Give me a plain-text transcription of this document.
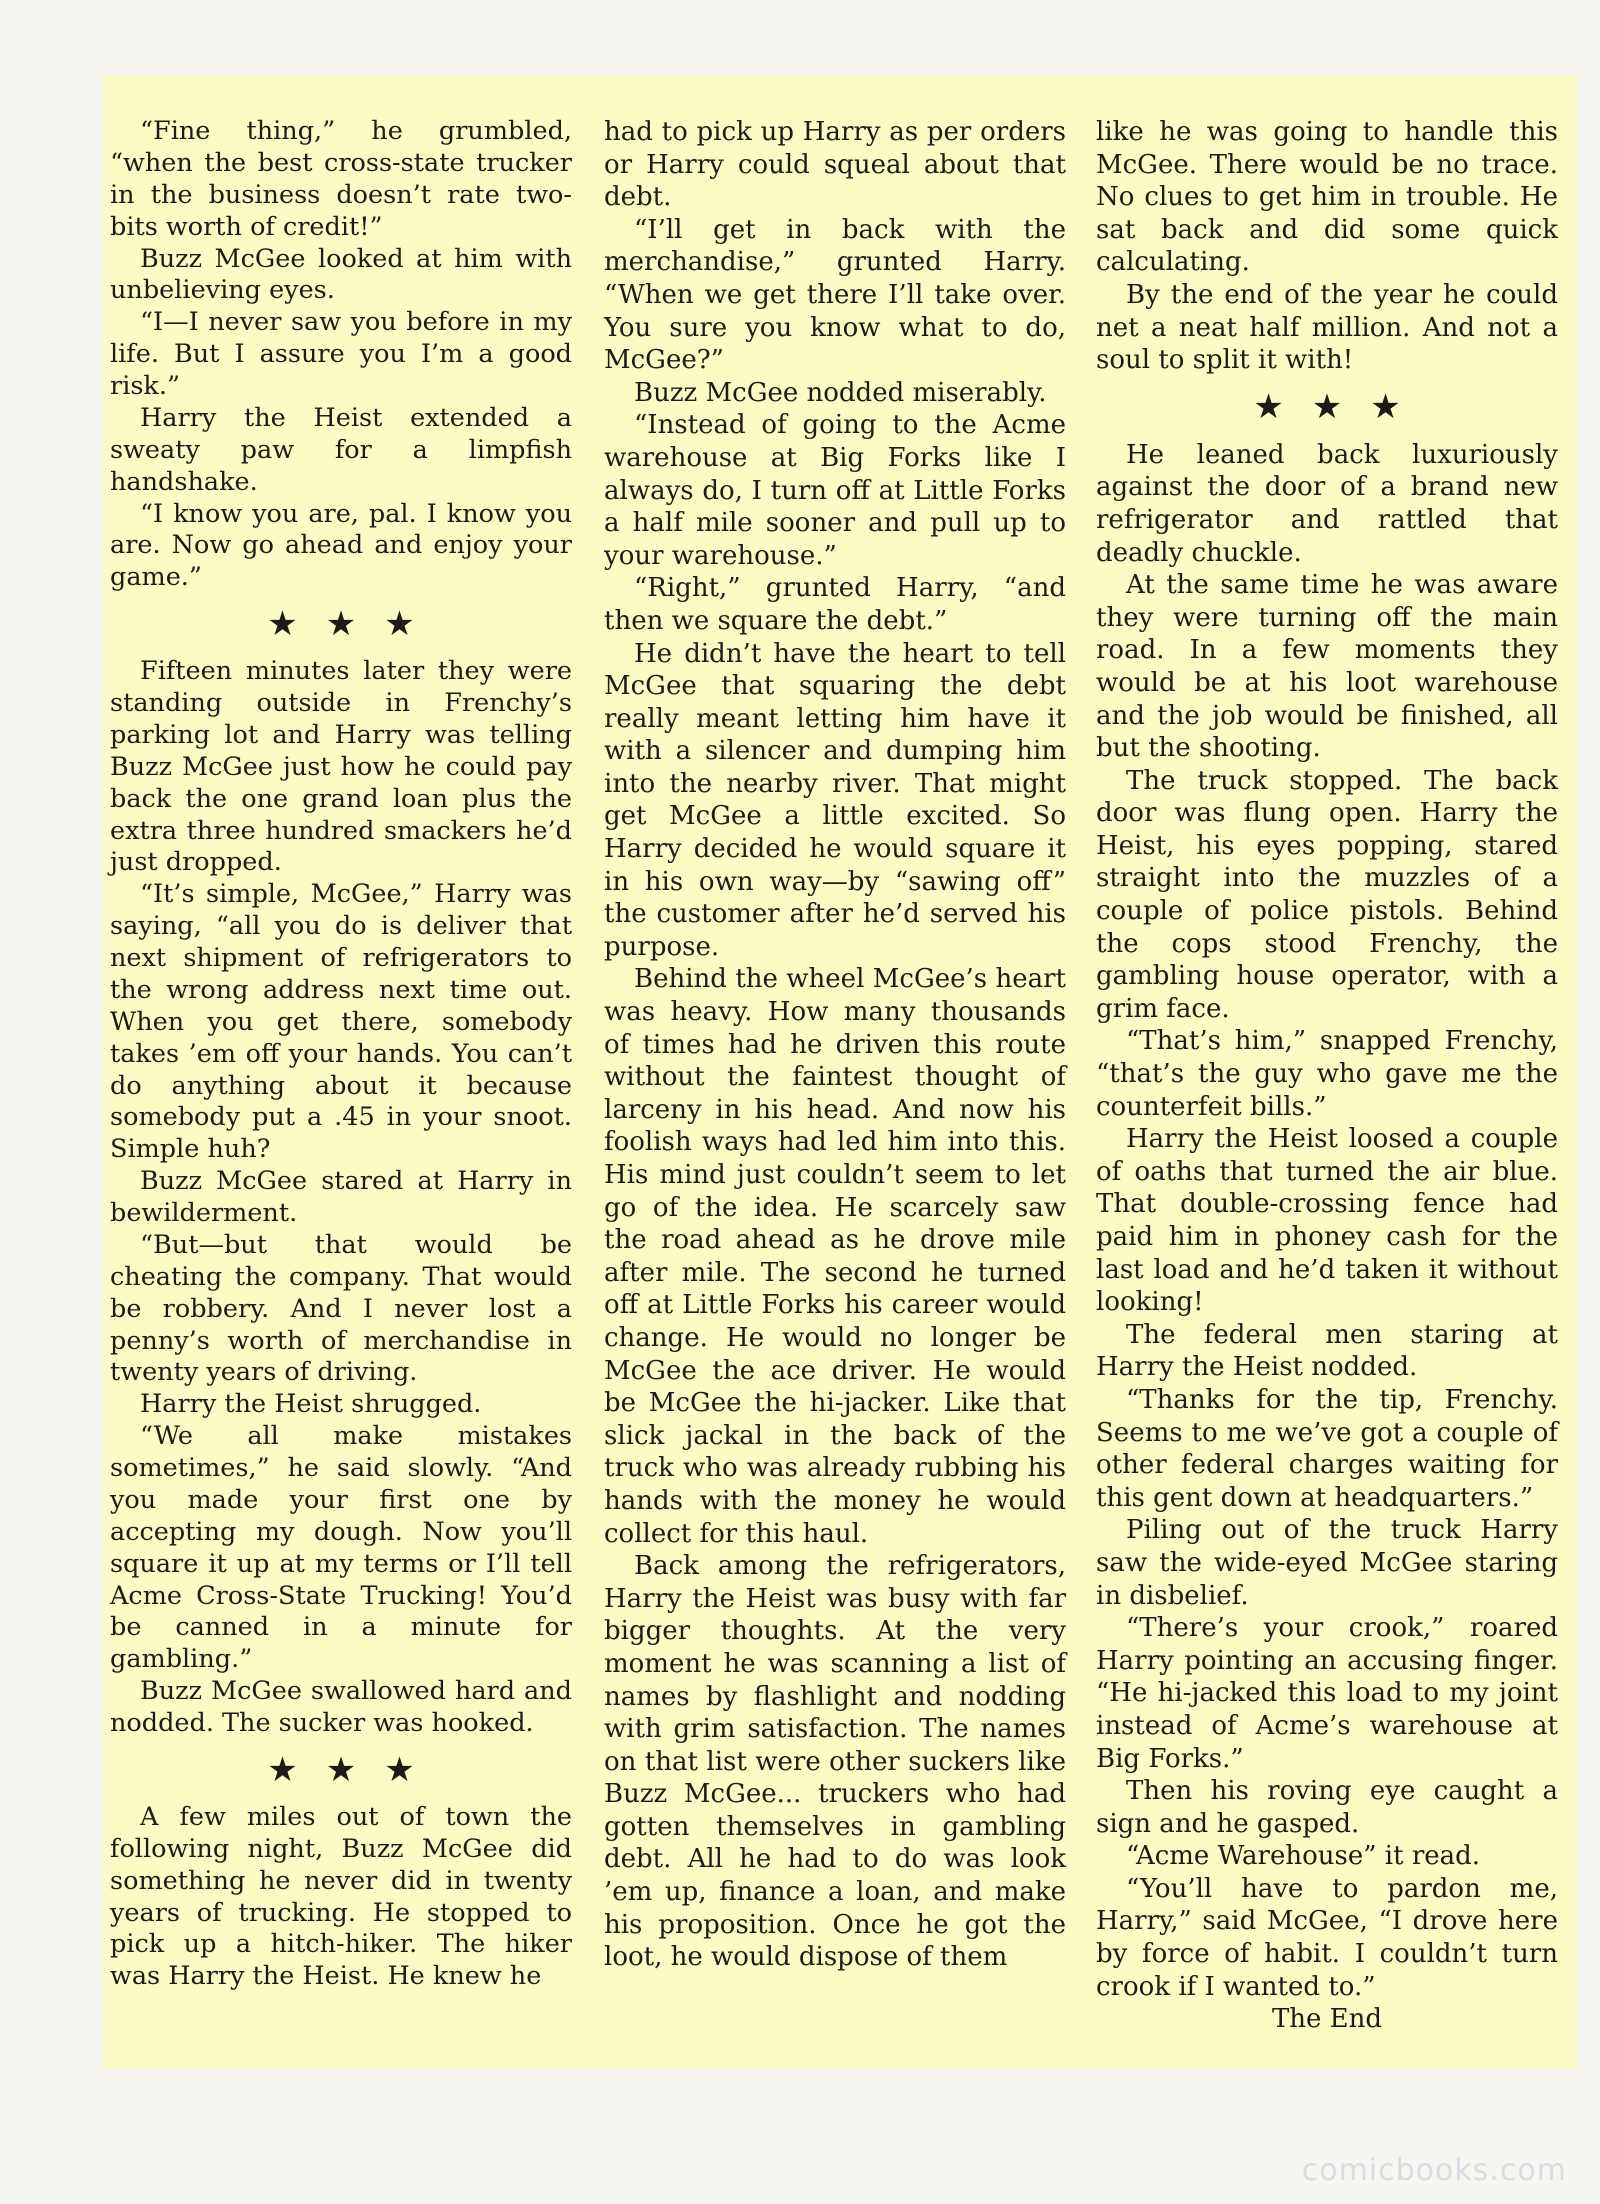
“Fine thing,” he grumbled, “when the best cross-state trucker in the business doesn’t rate two-bits worth of credit!”

Buzz McGee looked at him with unbelieving eyes.

“I—I never saw you before in my life. But I assure you I’m a good risk.”

Harry the Heist extended a sweaty paw for a limpfish handshake.

“I know you are, pal. I know you are. Now go ahead and enjoy your game.”

★★★

Fifteen minutes later they were standing outside in Frenchy’s parking lot and Harry was telling Buzz McGee just how he could pay back the one grand loan plus the extra three hundred smackers he’d just dropped.

“It’s simple, McGee,” Harry was saying, “all you do is deliver that next shipment of refrigerators to the wrong address next time out. When you get there, somebody takes ’em off your hands. You can’t do anything about it because somebody put a .45 in your snoot. Simple huh?

Buzz McGee stared at Harry in bewilderment.

“But—but that would be cheating the company. That would be robbery. And I never lost a penny’s worth of merchandise in twenty years of driving.

Harry the Heist shrugged.

“We all make mistakes sometimes,” he said slowly. “And you made your first one by accepting my dough. Now you’ll square it up at my terms or I’ll tell Acme Cross-State Trucking! You’d be canned in a minute for gambling.”

Buzz McGee swallowed hard and nodded. The sucker was hooked.

★★★

A few miles out of town the following night, Buzz McGee did something he never did in twenty years of trucking. He stopped to pick up a hitch-hiker. The hiker was Harry the Heist. He knew he

had to pick up Harry as per orders or Harry could squeal about that debt.

“I’ll get in back with the merchandise,” grunted Harry. “When we get there I’ll take over. You sure you know what to do, McGee?”

Buzz McGee nodded miserably.

“Instead of going to the Acme warehouse at Big Forks like I always do, I turn off at Little Forks a half mile sooner and pull up to your warehouse.”

“Right,” grunted Harry, “and then we square the debt.”

He didn’t have the heart to tell McGee that squaring the debt really meant letting him have it with a silencer and dumping him into the nearby river. That might get McGee a little excited. So Harry decided he would square it in his own way—by “sawing off” the customer after he’d served his purpose.

Behind the wheel McGee’s heart was heavy. How many thousands of times had he driven this route without the faintest thought of larceny in his head. And now his foolish ways had led him into this. His mind just couldn’t seem to let go of the idea. He scarcely saw the road ahead as he drove mile after mile. The second he turned off at Little Forks his career would change. He would no longer be McGee the ace driver. He would be McGee the hi-jacker. Like that slick jackal in the back of the truck who was already rubbing his hands with the money he would collect for this haul.

Back among the refrigerators, Harry the Heist was busy with far bigger thoughts. At the very moment he was scanning a list of names by flashlight and nodding with grim satisfaction. The names on that list were other suckers like Buzz McGee... truckers who had gotten themselves in gambling debt. All he had to do was look ’em up, finance a loan, and make his proposition. Once he got the loot, he would dispose of them

like he was going to handle this McGee. There would be no trace. No clues to get him in trouble. He sat back and did some quick calculating.

By the end of the year he could net a neat half million. And not a soul to split it with!

★★★

He leaned back luxuriously against the door of a brand new refrigerator and rattled that deadly chuckle.

At the same time he was aware they were turning off the main road. In a few moments they would be at his loot warehouse and the job would be finished, all but the shooting.

The truck stopped. The back door was flung open. Harry the Heist, his eyes popping, stared straight into the muzzles of a couple of police pistols. Behind the cops stood Frenchy, the gambling house operator, with a grim face.

“That’s him,” snapped Frenchy, “that’s the guy who gave me the counterfeit bills.”

Harry the Heist loosed a couple of oaths that turned the air blue. That double-crossing fence had paid him in phoney cash for the last load and he’d taken it without looking!

The federal men staring at Harry the Heist nodded.

“Thanks for the tip, Frenchy. Seems to me we’ve got a couple of other federal charges waiting for this gent down at headquarters.”

Piling out of the truck Harry saw the wide-eyed McGee staring in disbelief.

“There’s your crook,” roared Harry pointing an accusing finger. “He hi-jacked this load to my joint instead of Acme’s warehouse at Big Forks.”

Then his roving eye caught a sign and he gasped.

“Acme Warehouse” it read.

“You’ll have to pardon me, Harry,” said McGee, “I drove here by force of habit. I couldn’t turn crook if I wanted to.”

The End

comicbooks.com
